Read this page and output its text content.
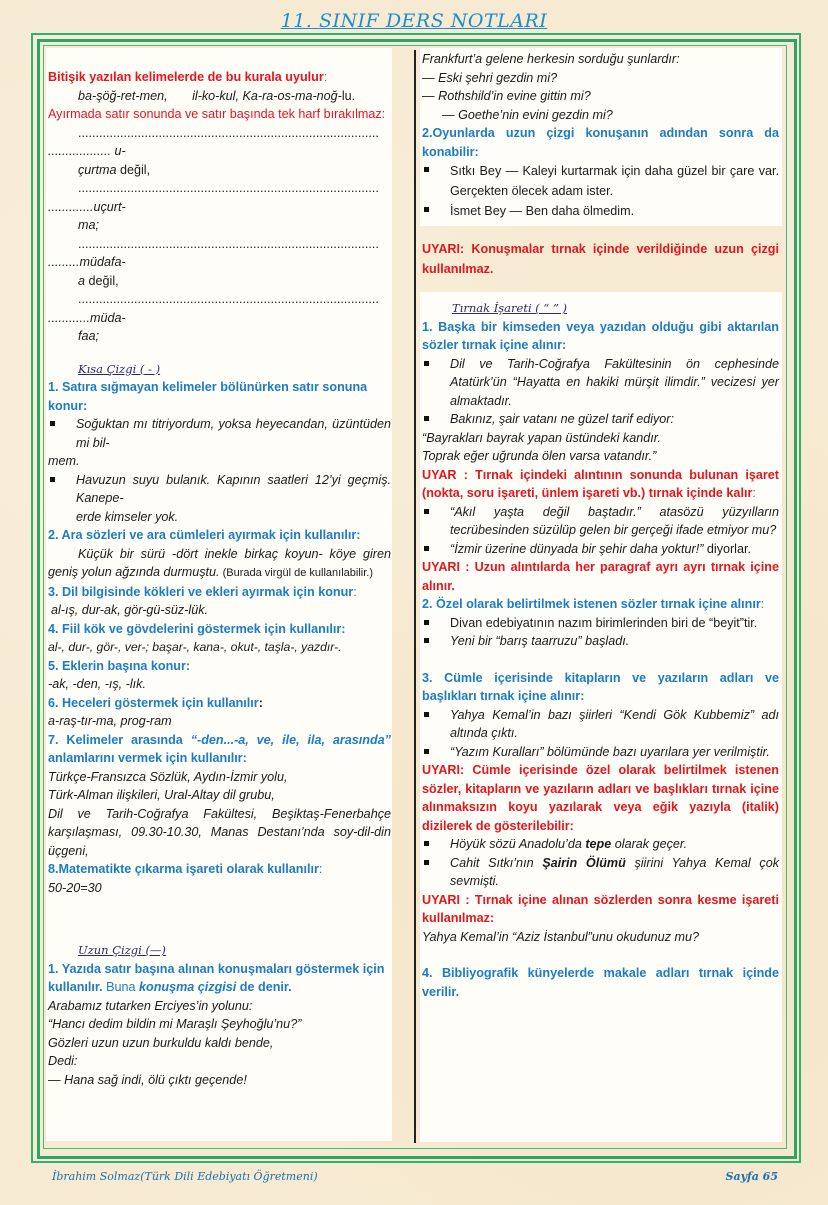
11. SINIF DERS NOTLARI
Bitişik yazılan kelimelerde de bu kurala uyulur:
ba-şöğ-ret-men, il-ko-kul, Ka-ra-os-ma-noğ-lu.
Ayırmada satır sonunda ve satır başında tek harf bırakılmaz:
......................................................................................
.................. u-
çurtma değil,
......................................................................................
.............uçurt-
ma;
......................................................................................
.........müdafa-
a değil,
......................................................................................
............müda-
faa;
Kısa Çizgi ( - )
1. Satıra sığmayan kelimeler bölünürken satır sonuna konur:
Soğuktan mı titriyordum, yoksa heyecandan, üzüntüden mi bil-
mem.
Havuzun suyu bulanık. Kapının saatleri 12’yi geçmiş. Kanepe-
erde kimseler yok.
2. Ara sözleri ve ara cümleleri ayırmak için kullanılır:
Küçük bir sürü -dört inekle birkaç koyun- köye giren geniş yolun ağzında durmuştu. (Burada virgül de kullanılabilir.)
3. Dil bilgisinde kökleri ve ekleri ayırmak için konur:
al-ış, dur-ak, gör-gü-süz-lük.
4. Fiil kök ve gövdelerini göstermek için kullanılır:
al-, dur-, gör-, ver-; başar-, kana-, okut-, taşla-, yazdır-.
5. Eklerin başına konur:
-ak, -den, -ış, -lık.
6. Heceleri göstermek için kullanılır:
a-raş-tır-ma, prog-ram
7. Kelimeler arasında “-den...-a, ve, ile, ila, arasında” anlamlarını vermek için kullanılır:
Türkçe-Fransızca Sözlük, Aydın-İzmir yolu,
Türk-Alman ilişkileri, Ural-Altay dil grubu,
Dil ve Tarih-Coğrafya Fakültesi, Beşiktaş-Fenerbahçe karşılaşması, 09.30-10.30, Manas Destanı’nda soy-dil-din üçgeni,
8.Matematikte çıkarma işareti olarak kullanılır:
50-20=30
Uzun Çizgi (—)
1. Yazıda satır başına alınan konuşmaları göstermek için kullanılır. Buna konuşma çizgisi de denir.
Arabamız tutarken Erciyes’in yolunu:
“Hancı dedim bildin mi Maraşlı Şeyhoğlu’nu?”
Gözleri uzun uzun burkuldu kaldı bende,
Dedi:
— Hana sağ indi, ölü çıktı geçende!
Frankfurt’a gelene herkesin sorduğu şunlardır:
— Eski şehri gezdin mi?
— Rothshild’in evine gittin mi?
— Goethe’nin evini gezdin mi?
2.Oyunlarda uzun çizgi konuşanın adından sonra da konabilir:
Sıtkı Bey — Kaleyi kurtarmak için daha güzel bir çare var. Gerçekten ölecek adam ister.
İsmet Bey — Ben daha ölmedim.
UYARI: Konuşmalar tırnak içinde verildiğinde uzun çizgi kullanılmaz.
Tırnak İşareti ( “ ” )
1. Başka bir kimseden veya yazıdan olduğu gibi aktarılan sözler tırnak içine alınır:
Dil ve Tarih-Coğrafya Fakültesinin ön cephesinde Atatürk’ün “Hayatta en hakiki mürşit ilimdir.” vecizesi yer almaktadır.
Bakınız, şair vatanı ne güzel tarif ediyor:
“Bayrakları bayrak yapan üstündeki kandır.
Toprak eğer uğrunda ölen varsa vatandır.”
UYAR : Tırnak içindeki alıntının sonunda bulunan işaret (nokta, soru işareti, ünlem işareti vb.) tırnak içinde kalır:
“Akıl yaşta değil baştadır.” atasözü yüzyılların tecrübesinden süzülüp gelen bir gerçeği ifade etmiyor mu?
“İzmir üzerine dünyada bir şehir daha yoktur!” diyorlar.
UYARI : Uzun alıntılarda her paragraf ayrı ayrı tırnak içine alınır.
2. Özel olarak belirtilmek istenen sözler tırnak içine alınır:
Divan edebiyatının nazım birimlerinden biri de “beyit”tir.
Yeni bir “barış taarruzu” başladı.
3. Cümle içerisinde kitapların ve yazıların adları ve başlıkları tırnak içine alınır:
Yahya Kemal’in bazı şiirleri “Kendi Gök Kubbemiz” adı altında çıktı.
“Yazım Kuralları” bölümünde bazı uyarılara yer verilmiştir.
UYARI: Cümle içerisinde özel olarak belirtilmek istenen sözler, kitapların ve yazıların adları ve başlıkları tırnak içine alınmaksızın koyu yazılarak veya eğik yazıyla (italik) dizilerek de gösterilebilir:
Höyük sözü Anadolu’da tepe olarak geçer.
Cahit Sıtkı’nın Şairin Ölümü şiirini Yahya Kemal çok sevmişti.
UYARI : Tırnak içine alınan sözlerden sonra kesme işareti kullanılmaz:
Yahya Kemal’in “Aziz İstanbul”unu okudunuz mu?
4. Bibliyografik künyelerde makale adları tırnak içinde verilir.
İbrahim Solmaz(Türk Dili Edebiyatı Öğretmeni)	Sayfa 65
